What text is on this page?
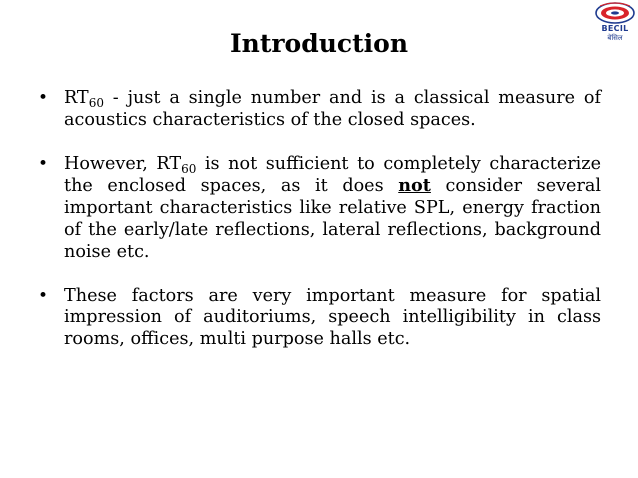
BECIL
बेसिल
Introduction
• $RT_{60}$ - just a single number and is a classical measure of acoustics characteristics of the closed spaces.
• However, $RT_{60}$ is not sufficient to completely characterize the enclosed spaces, as it does not consider several important characteristics like relative SPL, energy fraction of the early/late reflections, lateral reflections, background noise etc.
• These factors are very important measure for spatial impression of auditoriums, speech intelligibility in class rooms, offices, multi purpose halls etc.
